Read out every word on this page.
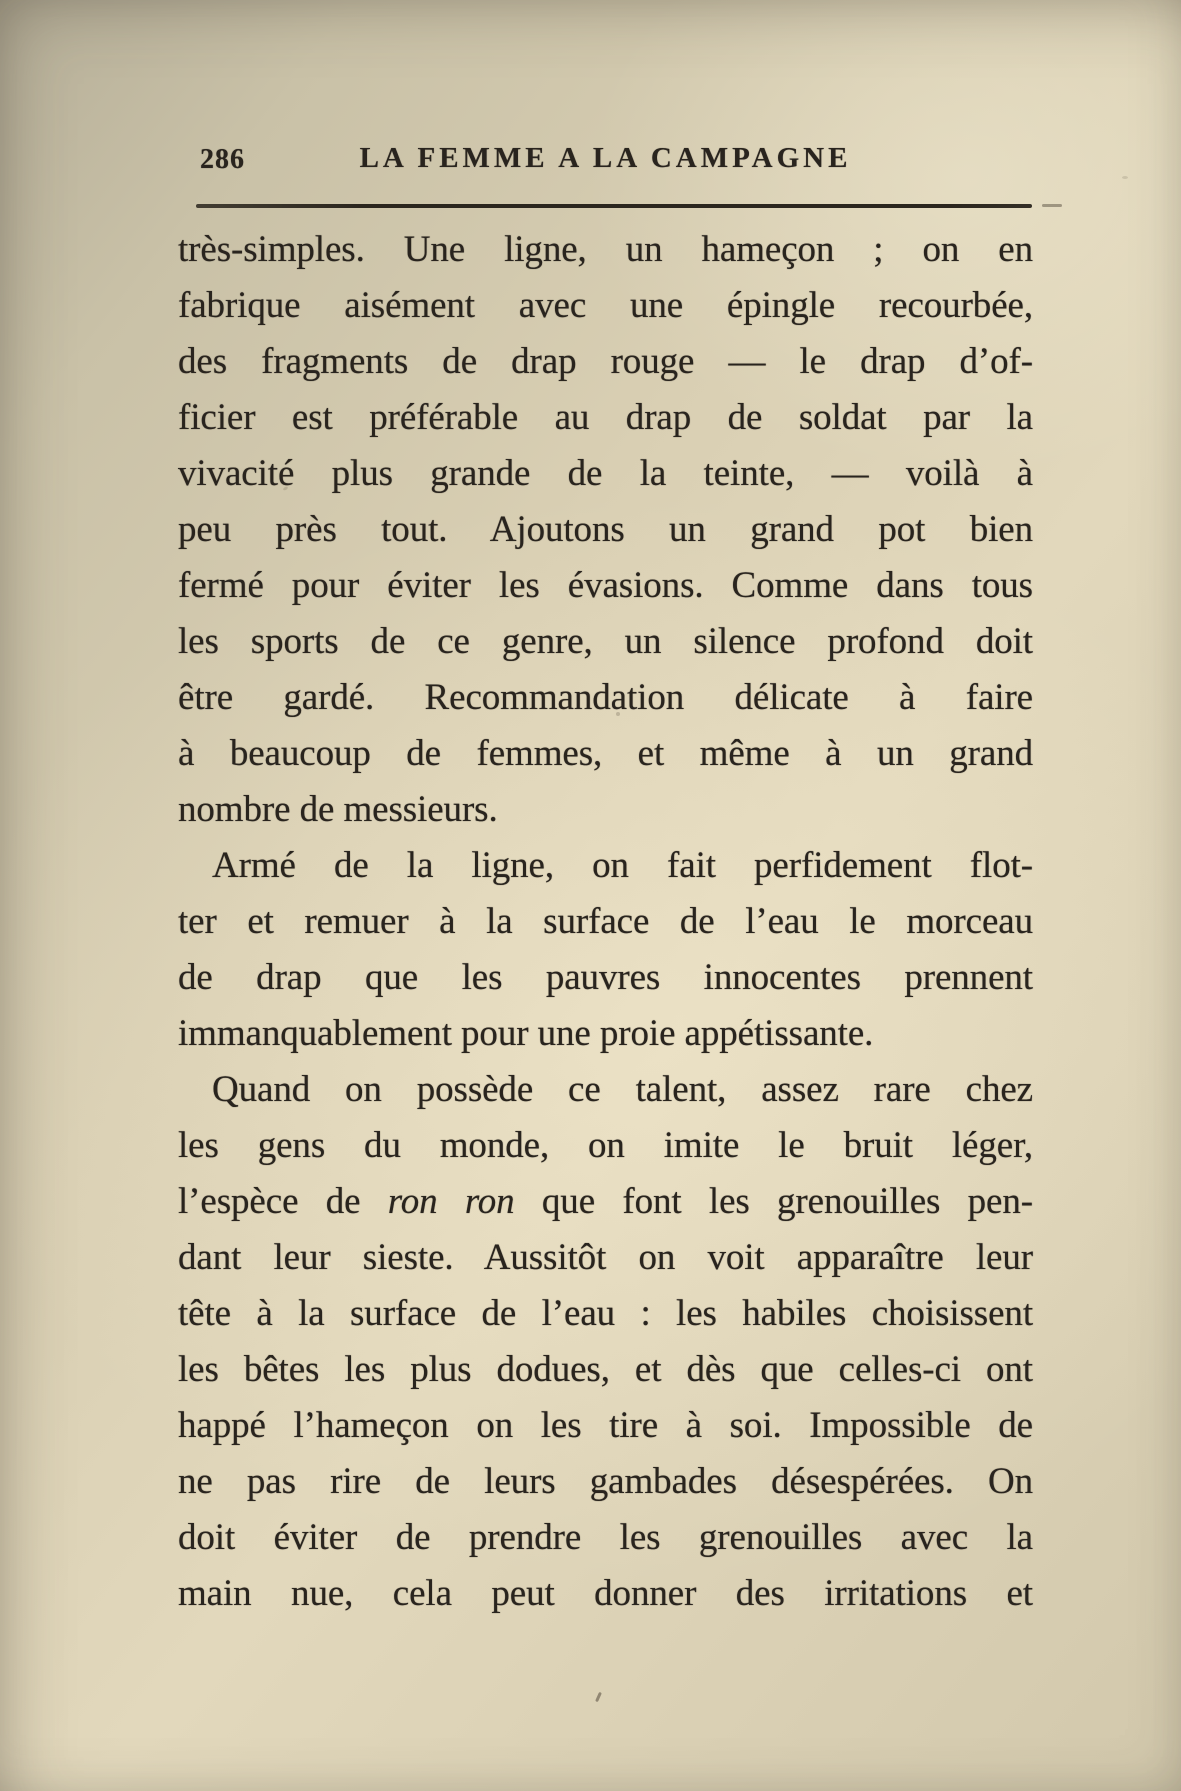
286	LA FEMME A LA CAMPAGNE
très-simples. Une ligne, un hameçon ; on en
fabrique aisément avec une épingle recourbée,
des fragments de drap rouge — le drap d’of-
ficier est préférable au drap de soldat par la
vivacité plus grande de la teinte, — voilà à
peu près tout. Ajoutons un grand pot bien
fermé pour éviter les évasions. Comme dans tous
les sports de ce genre, un silence profond doit
être gardé. Recommandation délicate à faire
à beaucoup de femmes, et même à un grand
nombre de messieurs.
Armé de la ligne, on fait perfidement flot-
ter et remuer à la surface de l’eau le morceau
de drap que les pauvres innocentes prennent
immanquablement pour une proie appétissante.
Quand on possède ce talent, assez rare chez
les gens du monde, on imite le bruit léger,
l’espèce de ron ron que font les grenouilles pen-
dant leur sieste. Aussitôt on voit apparaître leur
tête à la surface de l’eau : les habiles choisissent
les bêtes les plus dodues, et dès que celles-ci ont
happé l’hameçon on les tire à soi. Impossible de
ne pas rire de leurs gambades désespérées. On
doit éviter de prendre les grenouilles avec la
main nue, cela peut donner des irritations et
